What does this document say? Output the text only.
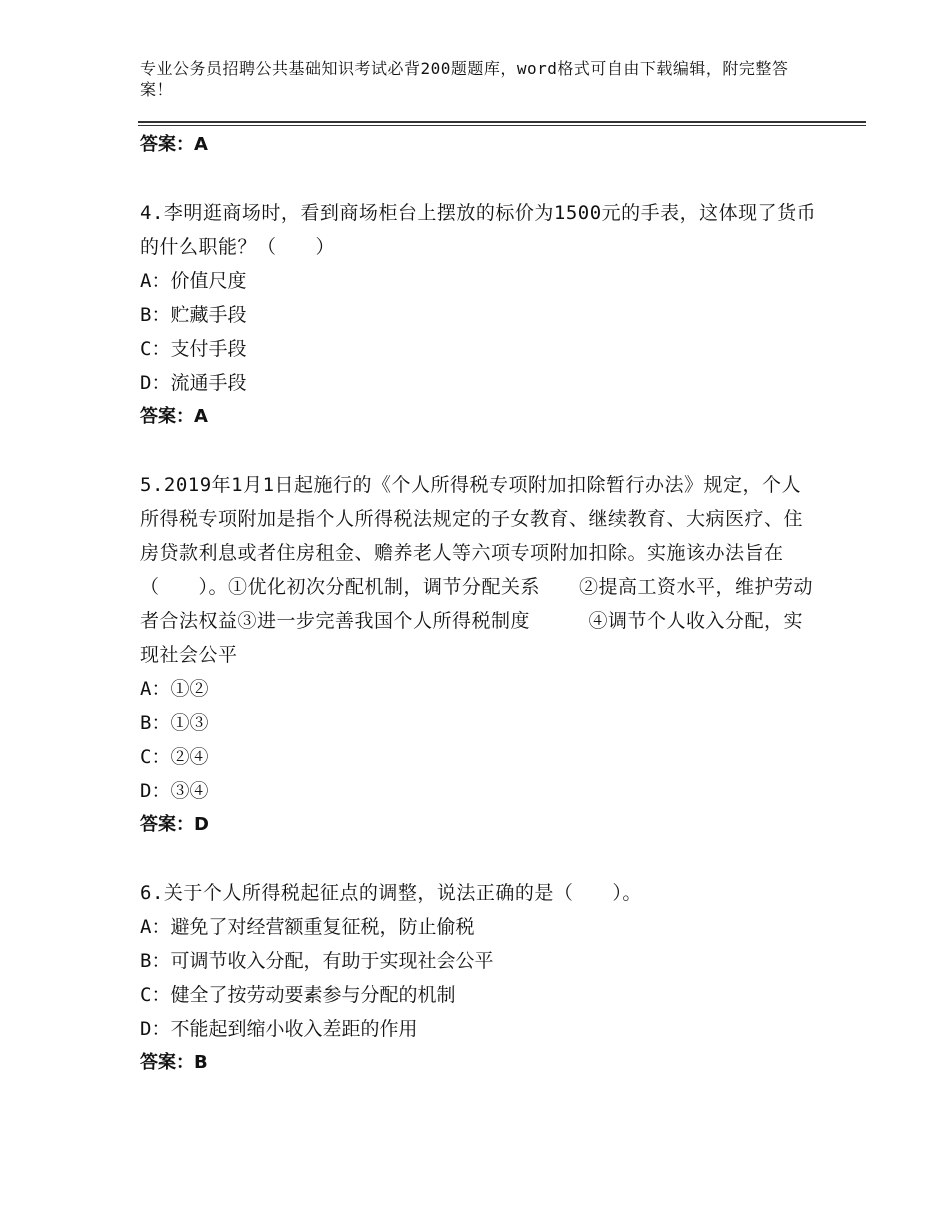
专业公务员招聘公共基础知识考试必背200题题库，word格式可自由下载编辑，附完整答案！
答案：A
4.李明逛商场时，看到商场柜台上摆放的标价为1500元的手表，这体现了货币的什么职能？（　　）
A：价值尺度
B：贮藏手段
C：支付手段
D：流通手段
答案：A
5.2019年1月1日起施行的《个人所得税专项附加扣除暂行办法》规定，个人所得税专项附加是指个人所得税法规定的子女教育、继续教育、大病医疗、住房贷款利息或者住房租金、赡养老人等六项专项附加扣除。实施该办法旨在（　　）。①优化初次分配机制，调节分配关系　　②提高工资水平，维护劳动者合法权益③进一步完善我国个人所得税制度　　　④调节个人收入分配，实现社会公平
A：①②
B：①③
C：②④
D：③④
答案：D
6.关于个人所得税起征点的调整，说法正确的是（　　）。
A：避免了对经营额重复征税，防止偷税
B：可调节收入分配，有助于实现社会公平
C：健全了按劳动要素参与分配的机制
D：不能起到缩小收入差距的作用
答案：B
